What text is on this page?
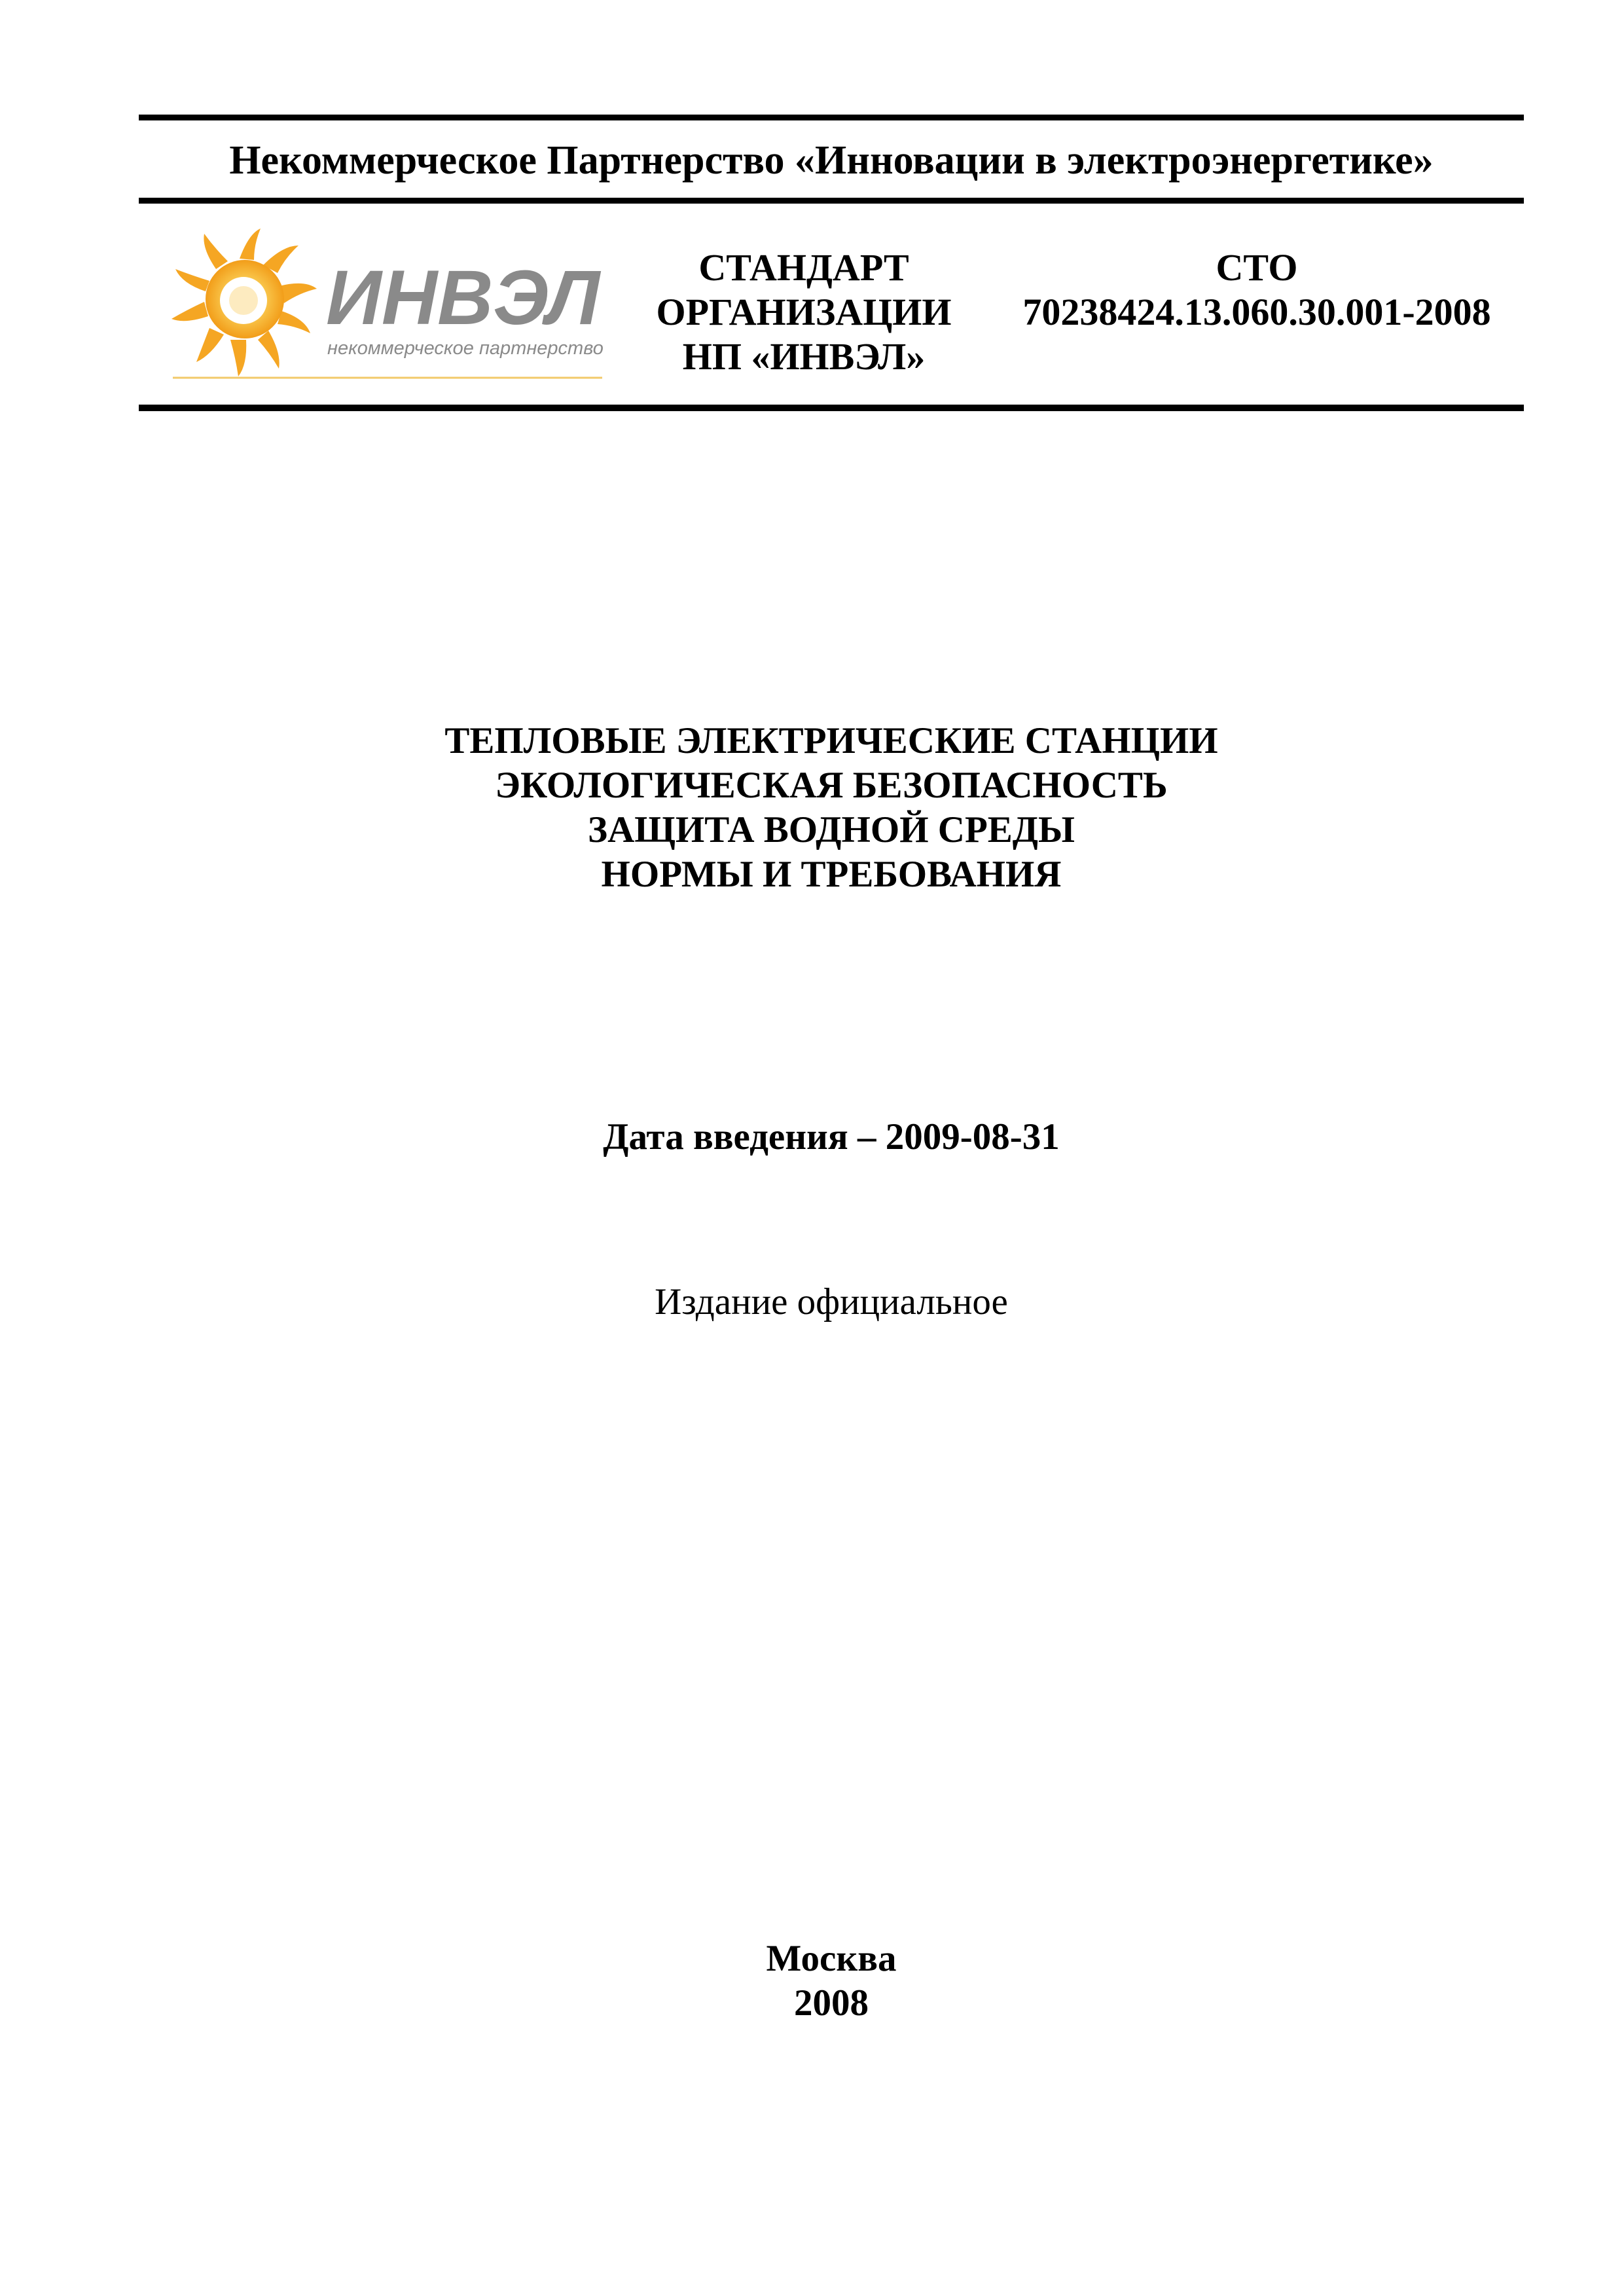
Некоммерческое Партнерство «Инновации в электроэнергетике»
ИНВЭЛ
некоммерческое партнерство
СТАНДАРТ
ОРГАНИЗАЦИИ
НП «ИНВЭЛ»
СТО
70238424.13.060.30.001-2008
ТЕПЛОВЫЕ ЭЛЕКТРИЧЕСКИЕ СТАНЦИИ
ЭКОЛОГИЧЕСКАЯ БЕЗОПАСНОСТЬ
ЗАЩИТА ВОДНОЙ СРЕДЫ
НОРМЫ И ТРЕБОВАНИЯ
Дата введения – 2009-08-31
Издание официальное
Москва
2008
